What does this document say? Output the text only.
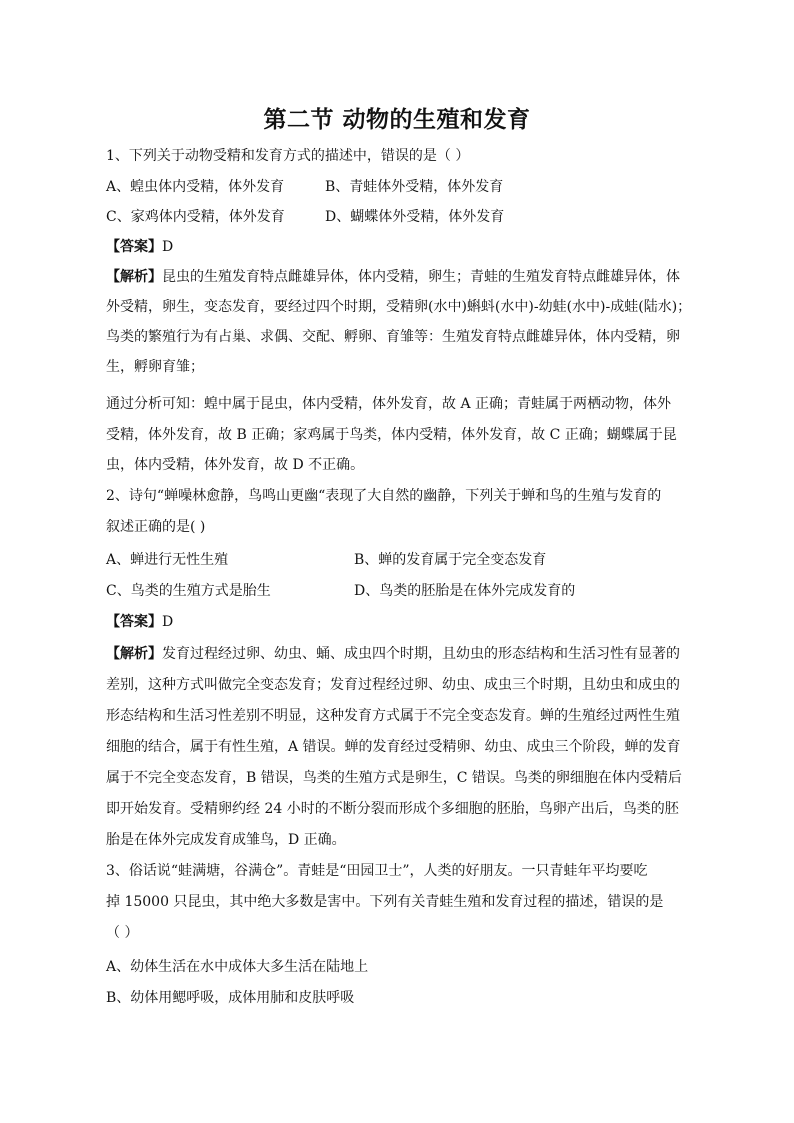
第二节 动物的生殖和发育
1、下列关于动物受精和发育方式的描述中，错误的是（ ）
A、蝗虫体内受精，体外发育	B、青蛙体外受精，体外发育
C、家鸡体内受精，体外发育	D、蝴蝶体外受精，体外发育
【答案】D
【解析】昆虫的生殖发育特点雌雄异体，体内受精，卵生；青蛙的生殖发育特点雌雄异体，体
外受精，卵生，变态发育，要经过四个时期，受精卵(水中)蝌蚪(水中)-幼蛙(水中)-成蛙(陆水)；
鸟类的繁殖行为有占巢、求偶、交配、孵卵、育雏等：生殖发育特点雌雄异体，体内受精，卵
生，孵卵育雏；
通过分析可知：蝗中属于昆虫，体内受精，体外发育，故 A 正确；青蛙属于两栖动物，体外
受精，体外发育，故 B 正确；家鸡属于鸟类，体内受精，体外发育，故 C 正确；蝴蝶属于昆
虫，体内受精，体外发育，故 D 不正确。
2、诗句“蝉噪林愈静，鸟鸣山更幽“表现了大自然的幽静，下列关于蝉和鸟的生殖与发育的
叙述正确的是( )
A、蝉进行无性生殖	B、蝉的发育属于完全变态发育
C、鸟类的生殖方式是胎生	D、鸟类的胚胎是在体外完成发育的
【答案】D
【解析】发育过程经过卵、幼虫、蛹、成虫四个时期，且幼虫的形态结构和生活习性有显著的
差别，这种方式叫做完全变态发育；发育过程经过卵、幼虫、成虫三个时期，且幼虫和成虫的
形态结构和生活习性差别不明显，这种发育方式属于不完全变态发育。蝉的生殖经过两性生殖
细胞的结合，属于有性生殖，A 错误。蝉的发育经过受精卵、幼虫、成虫三个阶段，蝉的发育
属于不完全变态发育，B 错误，鸟类的生殖方式是卵生，C 错误。鸟类的卵细胞在体内受精后
即开始发育。受精卵约经 24 小时的不断分裂而形成个多细胞的胚胎，鸟卵产出后，鸟类的胚
胎是在体外完成发育成雏鸟，D 正确。
3、俗话说“蛙满塘，谷满仓”。青蛙是“田园卫士”，人类的好朋友。一只青蛙年平均要吃
掉 15000 只昆虫，其中绝大多数是害中。下列有关青蛙生殖和发育过程的描述，错误的是
（ ）
A、幼体生活在水中成体大多生活在陆地上
B、幼体用鳃呼吸，成体用肺和皮肤呼吸
